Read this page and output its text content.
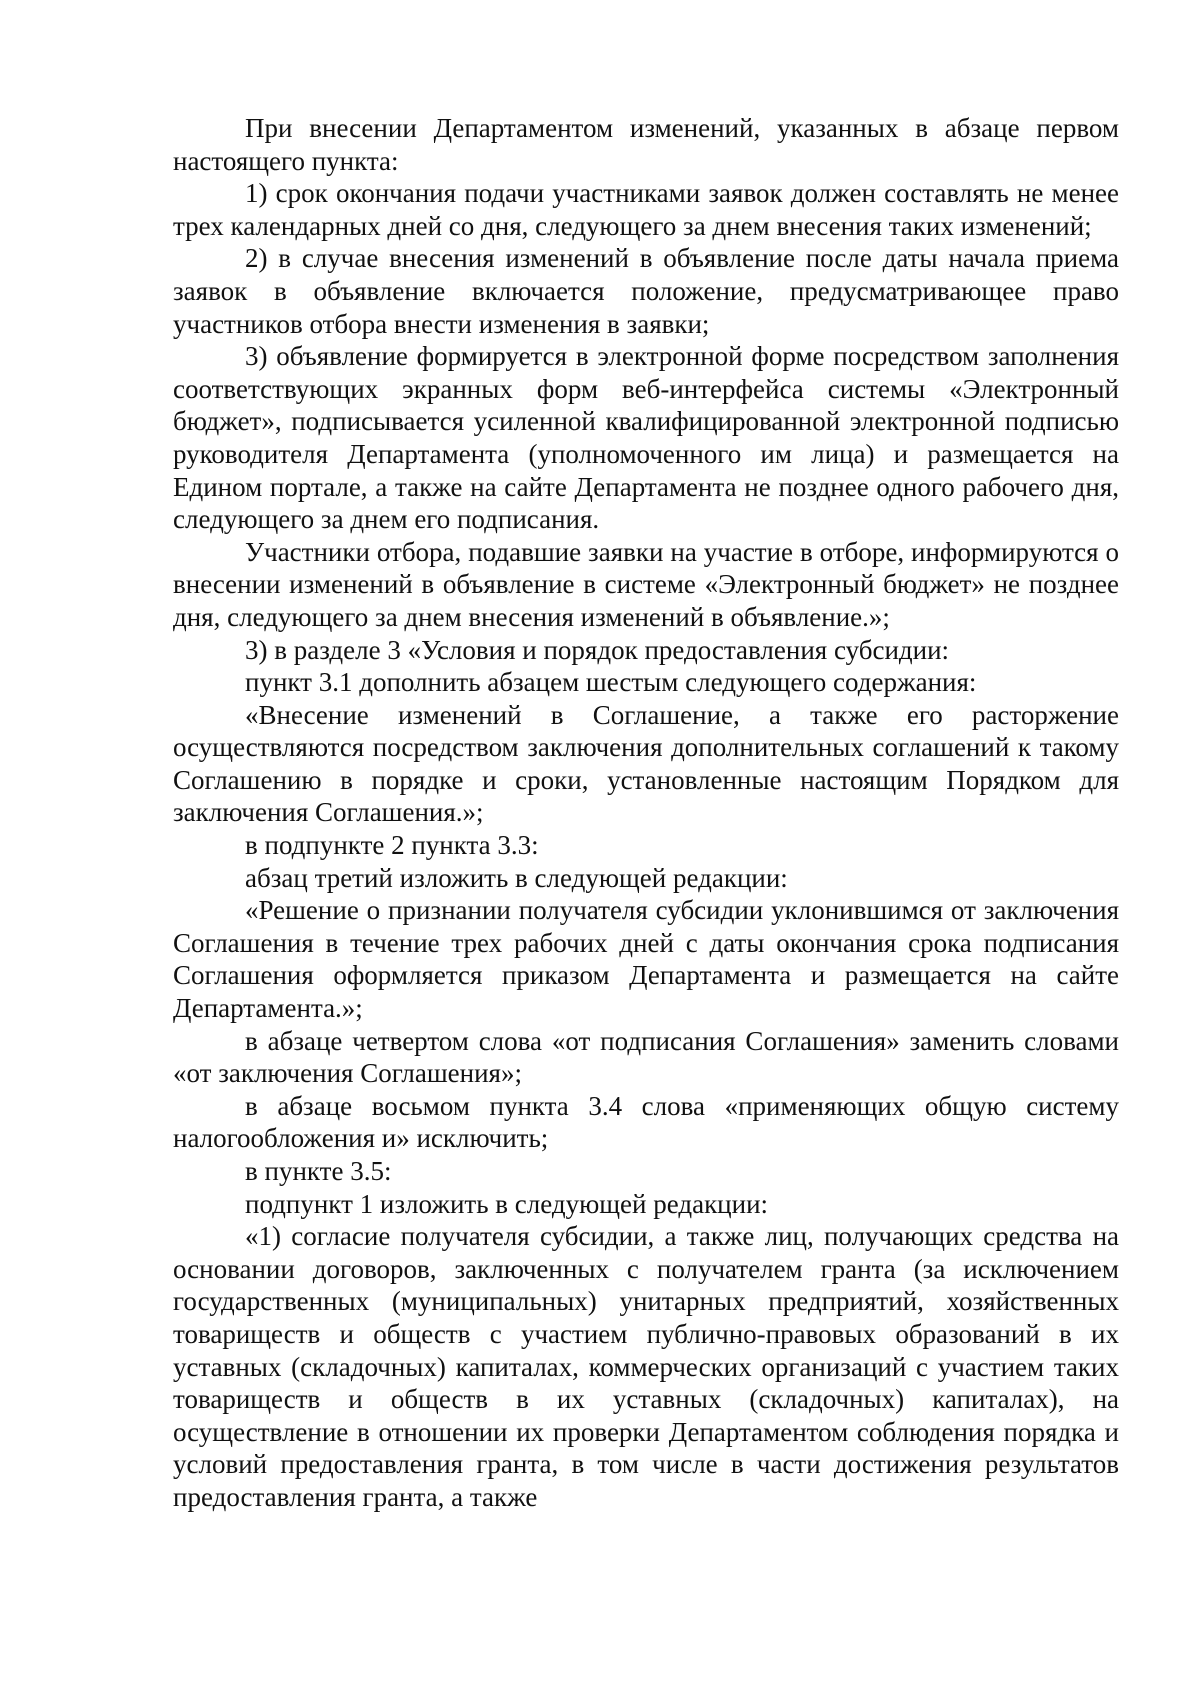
При внесении Департаментом изменений, указанных в абзаце первом настоящего пункта:

1) срок окончания подачи участниками заявок должен составлять не менее трех календарных дней со дня, следующего за днем внесения таких изменений;

2) в случае внесения изменений в объявление после даты начала приема заявок в объявление включается положение, предусматривающее право участников отбора внести изменения в заявки;

3) объявление формируется в электронной форме посредством заполнения соответствующих экранных форм веб-интерфейса системы «Электронный бюджет», подписывается усиленной квалифицированной электронной подписью руководителя Департамента (уполномоченного им лица) и размещается на Едином портале, а также на сайте Департамента не позднее одного рабочего дня, следующего за днем его подписания.

Участники отбора, подавшие заявки на участие в отборе, информируются о внесении изменений в объявление в системе «Электронный бюджет» не позднее дня, следующего за днем внесения изменений в объявление.»;

3) в разделе 3 «Условия и порядок предоставления субсидии:

пункт 3.1 дополнить абзацем шестым следующего содержания:

«Внесение изменений в Соглашение, а также его расторжение осуществляются посредством заключения дополнительных соглашений к такому Соглашению в порядке и сроки, установленные настоящим Порядком для заключения Соглашения.»;

в подпункте 2 пункта 3.3:

абзац третий изложить в следующей редакции:

«Решение о признании получателя субсидии уклонившимся от заключения Соглашения в течение трех рабочих дней с даты окончания срока подписания Соглашения оформляется приказом Департамента и размещается на сайте Департамента.»;

в абзаце четвертом слова «от подписания Соглашения» заменить словами «от заключения Соглашения»;

в абзаце восьмом пункта 3.4 слова «применяющих общую систему налогообложения и» исключить;

в пункте 3.5:

подпункт 1 изложить в следующей редакции:

«1) согласие получателя субсидии, а также лиц, получающих средства на основании договоров, заключенных с получателем гранта (за исключением государственных (муниципальных) унитарных предприятий, хозяйственных товариществ и обществ с участием публично-правовых образований в их уставных (складочных) капиталах, коммерческих организаций с участием таких товариществ и обществ в их уставных (складочных) капиталах), на осуществление в отношении их проверки Департаментом соблюдения порядка и условий предоставления гранта, в том числе в части достижения результатов предоставления гранта, а также
